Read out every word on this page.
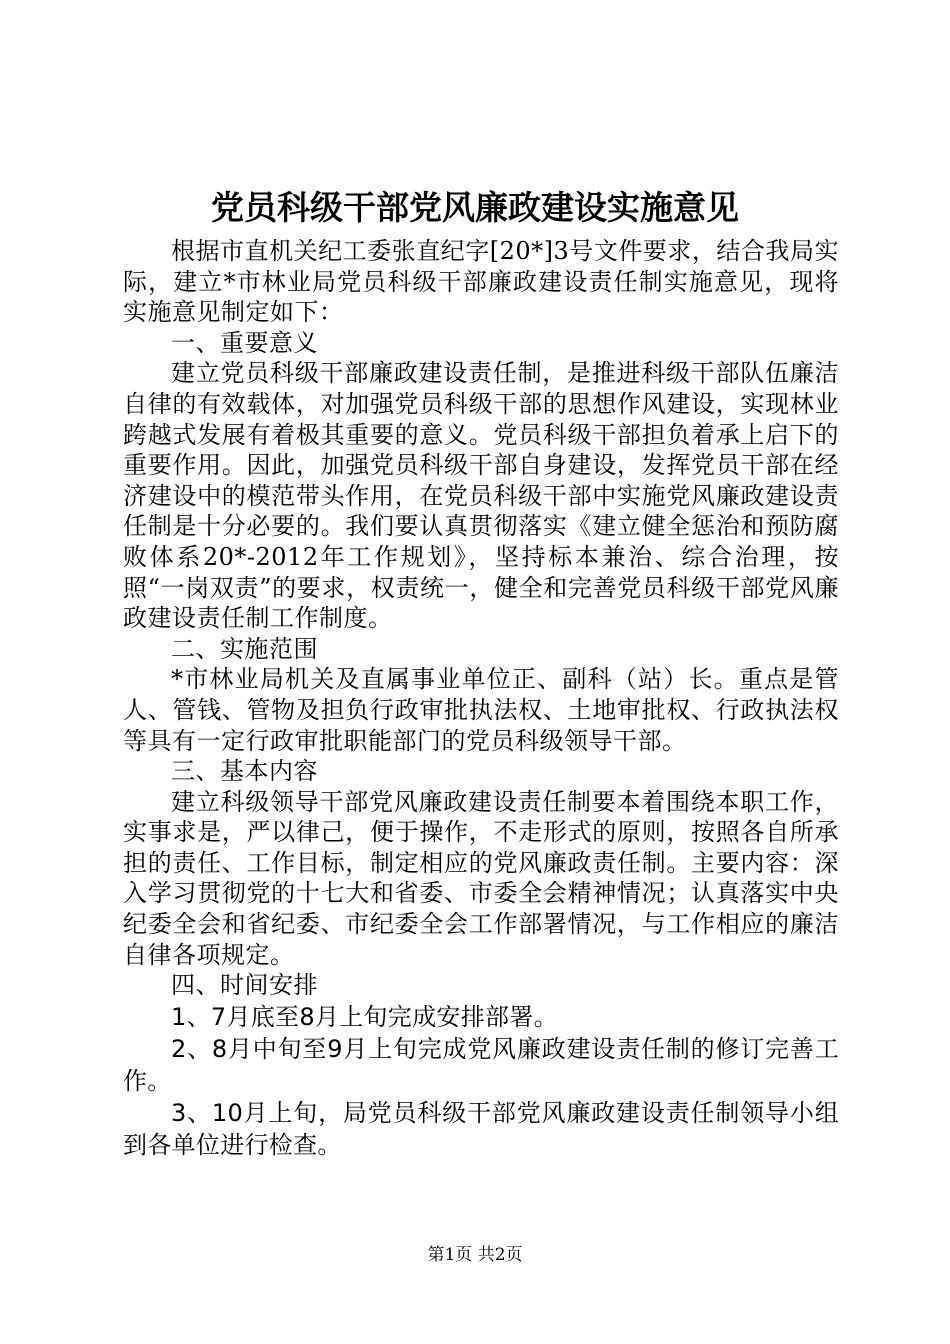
党员科级干部党风廉政建设实施意见

根据市直机关纪工委张直纪字[20*]3号文件要求，结合我局实际，建立*市林业局党员科级干部廉政建设责任制实施意见，现将实施意见制定如下：

一、重要意义

建立党员科级干部廉政建设责任制，是推进科级干部队伍廉洁自律的有效载体，对加强党员科级干部的思想作风建设，实现林业跨越式发展有着极其重要的意义。党员科级干部担负着承上启下的重要作用。因此，加强党员科级干部自身建设，发挥党员干部在经济建设中的模范带头作用，在党员科级干部中实施党风廉政建设责任制是十分必要的。我们要认真贯彻落实《建立健全惩治和预防腐败体系20*-2012年工作规划》，坚持标本兼治、综合治理，按照“一岗双责”的要求，权责统一，健全和完善党员科级干部党风廉政建设责任制工作制度。

二、实施范围

*市林业局机关及直属事业单位正、副科（站）长。重点是管人、管钱、管物及担负行政审批执法权、土地审批权、行政执法权等具有一定行政审批职能部门的党员科级领导干部。

三、基本内容

建立科级领导干部党风廉政建设责任制要本着围绕本职工作，实事求是，严以律己，便于操作，不走形式的原则，按照各自所承担的责任、工作目标，制定相应的党风廉政责任制。主要内容：深入学习贯彻党的十七大和省委、市委全会精神情况；认真落实中央纪委全会和省纪委、市纪委全会工作部署情况，与工作相应的廉洁自律各项规定。

四、时间安排

1、7月底至8月上旬完成安排部署。

2、8月中旬至9月上旬完成党风廉政建设责任制的修订完善工作。

3、10月上旬，局党员科级干部党风廉政建设责任制领导小组到各单位进行检查。

第1页 共2页
